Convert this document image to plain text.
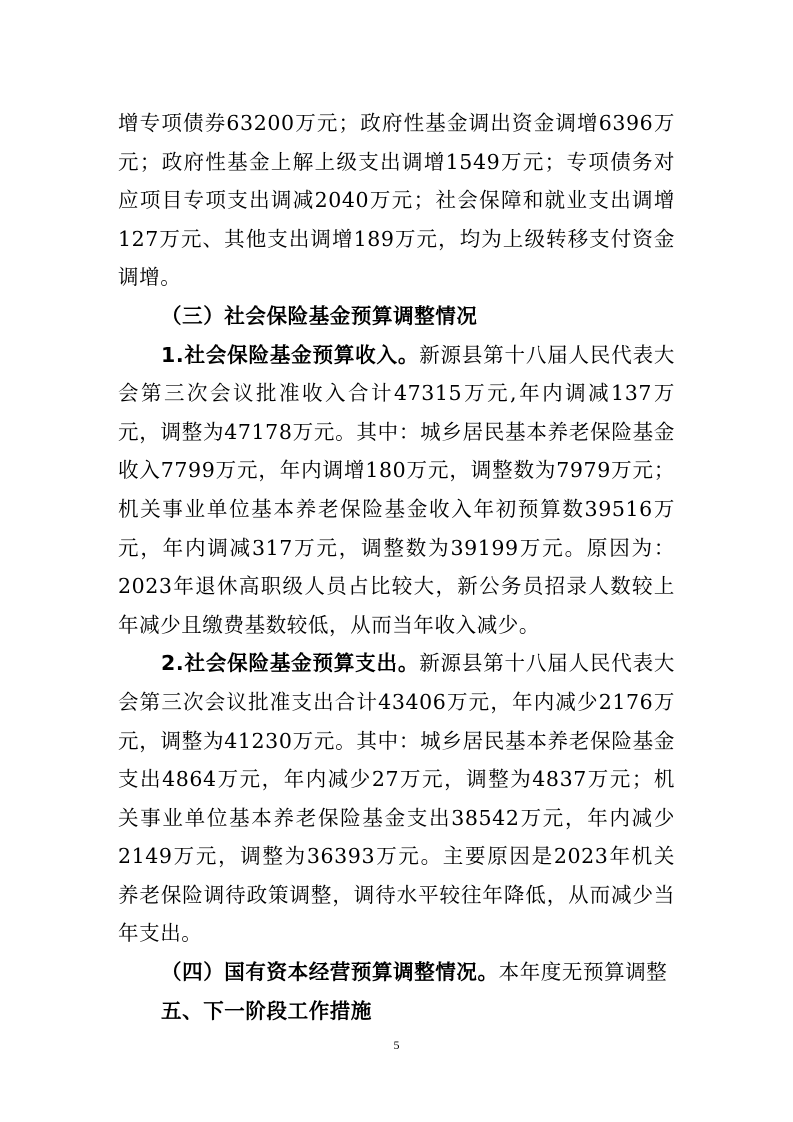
增专项债券63200万元；政府性基金调出资金调增6396万元；政府性基金上解上级支出调增1549万元；专项债务对应项目专项支出调减2040万元；社会保障和就业支出调增127万元、其他支出调增189万元，均为上级转移支付资金调增。

（三）社会保险基金预算调整情况

1.社会保险基金预算收入。新源县第十八届人民代表大会第三次会议批准收入合计47315万元,年内调减137万元，调整为47178万元。其中：城乡居民基本养老保险基金收入7799万元，年内调增180万元，调整数为7979万元；机关事业单位基本养老保险基金收入年初预算数39516万元，年内调减317万元，调整数为39199万元。原因为：2023年退休高职级人员占比较大，新公务员招录人数较上年减少且缴费基数较低，从而当年收入减少。

2.社会保险基金预算支出。新源县第十八届人民代表大会第三次会议批准支出合计43406万元，年内减少2176万元，调整为41230万元。其中：城乡居民基本养老保险基金支出4864万元，年内减少27万元，调整为4837万元；机关事业单位基本养老保险基金支出38542万元，年内减少2149万元，调整为36393万元。主要原因是2023年机关养老保险调待政策调整，调待水平较往年降低，从而减少当年支出。

（四）国有资本经营预算调整情况。本年度无预算调整

五、下一阶段工作措施

5
